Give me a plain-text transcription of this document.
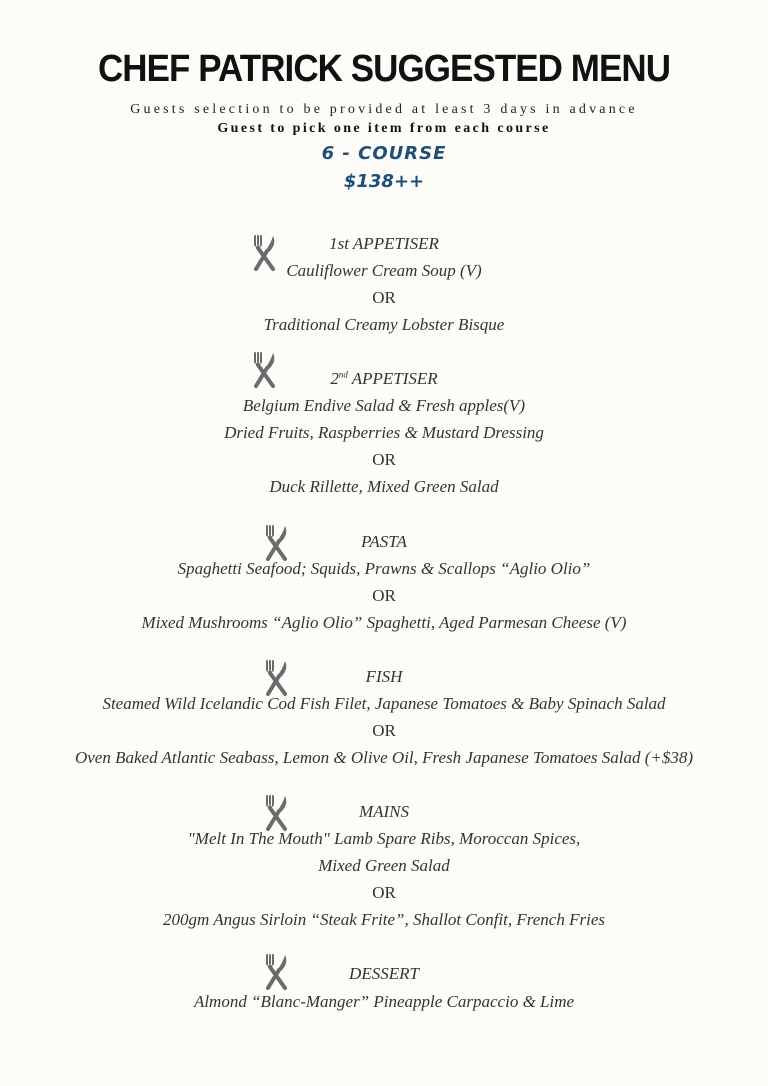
CHEF PATRICK SUGGESTED MENU
Guests selection to be provided at least 3 days in advance
Guest to pick one item from each course
6 - COURSE
$138++
1st APPETISER
Cauliflower Cream Soup (V)
OR
Traditional Creamy Lobster Bisque
2nd APPETISER
Belgium Endive Salad & Fresh apples(V)
Dried Fruits, Raspberries & Mustard Dressing
OR
Duck Rillette, Mixed Green Salad
PASTA
Spaghetti Seafood; Squids, Prawns & Scallops “Aglio Olio”
OR
Mixed Mushrooms “Aglio Olio” Spaghetti, Aged Parmesan Cheese (V)
FISH
Steamed Wild Icelandic Cod Fish Filet, Japanese Tomatoes & Baby Spinach Salad
OR
Oven Baked Atlantic Seabass, Lemon & Olive Oil, Fresh Japanese Tomatoes Salad (+$38)
MAINS
"Melt In The Mouth" Lamb Spare Ribs, Moroccan Spices,
Mixed Green Salad
OR
200gm Angus Sirloin “Steak Frite”, Shallot Confit, French Fries
DESSERT
Almond “Blanc-Manger” Pineapple Carpaccio & Lime
